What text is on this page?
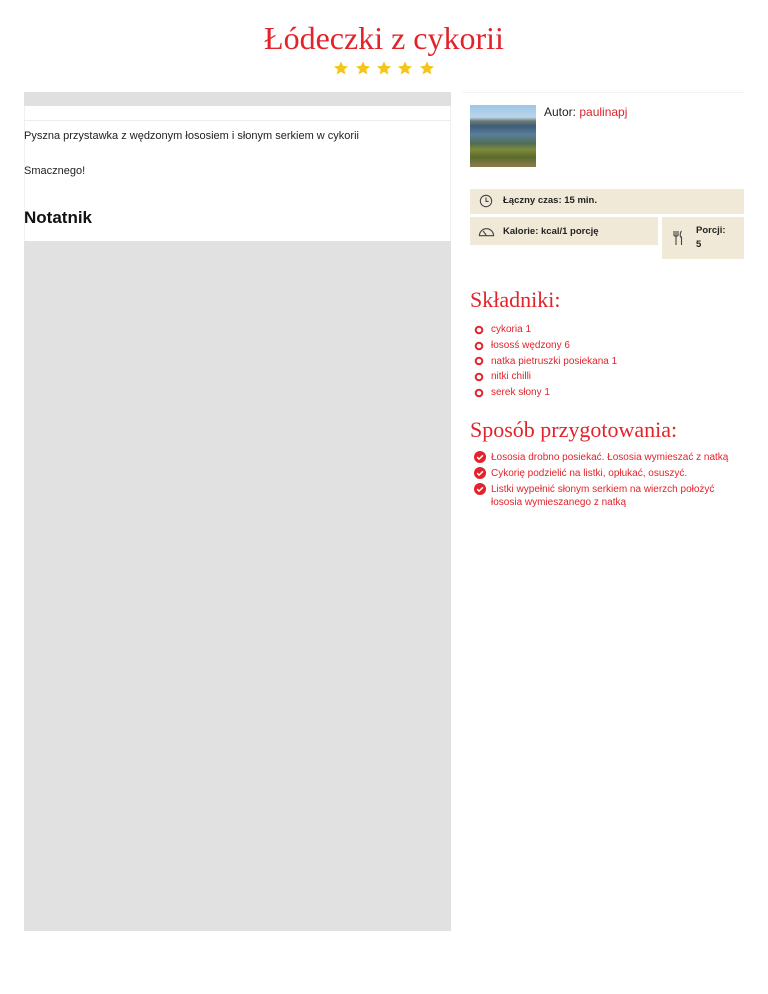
Łódeczki z cykorii

Pyszna przystawka z wędzonym łososiem i słonym serkiem w cykorii

Smacznego!

Notatnik
Autor: paulinapj
Łączny czas: 15 min.
Kalorie: kcal/1 porcję	Porcji:
5
Składniki:
cykoria 1
łososś wędzony 6
natka pietruszki posiekana 1
nitki chilli
serek słony 1
Sposób przygotowania:
Łososia drobno posiekać. Łososia wymieszać z natką
Cykorię podzielić na listki, opłukać, osuszyć.
Listki wypełnić słonym serkiem na wierzch położyć łososia wymieszanego z natką
